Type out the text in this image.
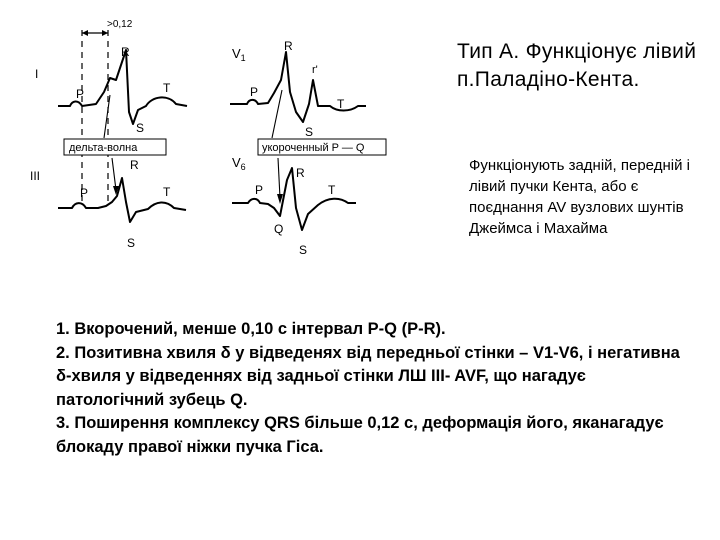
I
III
$V_1$
$V_6$
>0,12
дельта-волна	укороченный P — Q
R
P	T
S
R
P	T
S
R
r'
P
T
S
R
P	T
Q
S
Тип А. Функціонує лівий п.Паладіно-Кента.
Функціонують задній, передній і лівий пучки Кента, або є поєднання AV вузлових шунтів Джеймса і Махайма

1. Вкорочений, менше 0,10 с інтервал P-Q (P-R).

2. Позитивна хвиля δ у відведенях від передньої стінки – V1-V6, і негативна δ-хвиля у відведеннях від задньої стінки ЛШ III- AVF, що нагадує патологічний зубець Q.

3. Поширення комплексу QRS більше 0,12 с, деформація його, яканагадує блокаду правої ніжки пучка Гіса.
